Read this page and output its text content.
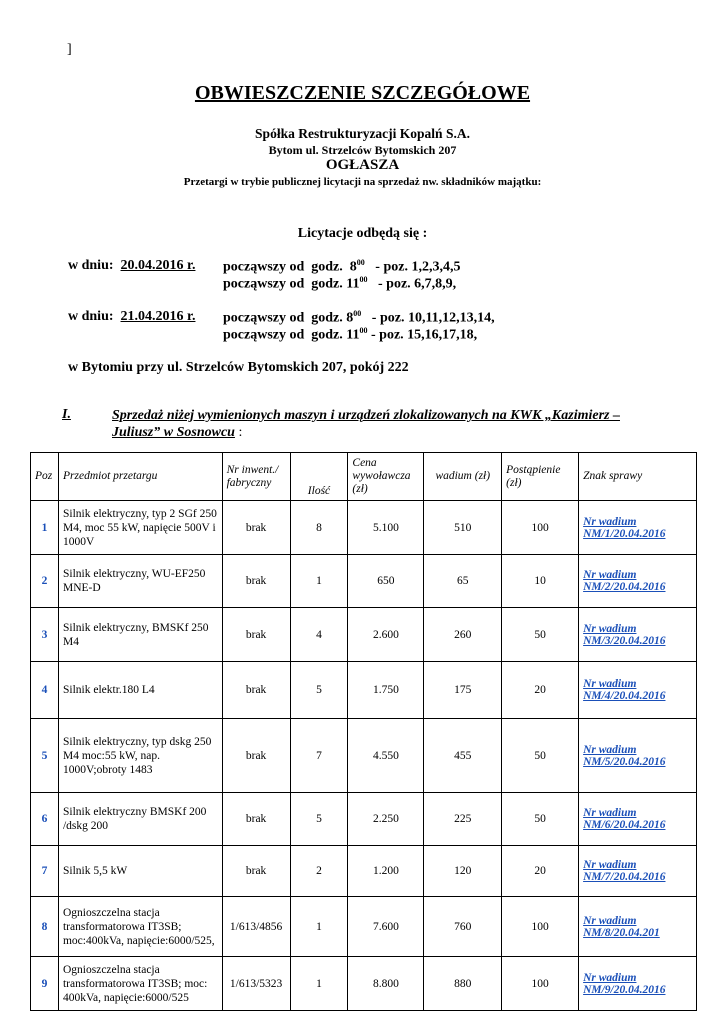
]
OBWIESZCZENIE SZCZEGÓŁOWE
Spółka Restrukturyzacji Kopalń S.A.
Bytom ul. Strzelców Bytomskich 207
OGŁASZA
Przetargi w trybie publicznej licytacji na sprzedaż nw. składników majątku:
Licytacje odbędą się :
w dniu:  20.04.2016 r. począwszy od  godz.  $8^{00}$   - poz. 1,2,3,4,5
począwszy od  godz. $11^{00}$   - poz. 6,7,8,9,
w dniu:  21.04.2016 r. począwszy od  godz. $8^{00}$   - poz. 10,11,12,13,14,
począwszy od  godz. $11^{00}$ - poz. 15,16,17,18,
w Bytomiu przy ul. Strzelców Bytomskich 207, pokój 222
I.	Sprzedaż niżej wymienionych maszyn i urządzeń zlokalizowanych na KWK „Kazimierz – Juliusz” w Sosnowcu :
Poz	Przedmiot przetargu	Nr inwent./ fabryczny	Ilość	Cena wywoławcza (zł)	wadium (zł)	Postąpienie (zł)	Znak sprawy
1	Silnik elektryczny, typ 2 SGf 250 M4, moc 55 kW, napięcie 500V i 1000V	brak	8	5.100	510	100	Nr wadium
NM/1/20.04.2016

2	Silnik elektryczny, WU-EF250 MNE-D	brak	1	650	65	10	Nr wadium
NM/2/20.04.2016

3	Silnik elektryczny, BMSKf 250 M4	brak	4	2.600	260	50	Nr wadium
NM/3/20.04.2016

4	Silnik elektr.180 L4	brak	5	1.750	175	20	Nr wadium
NM/4/20.04.2016

5	Silnik elektryczny, typ dskg 250 M4 moc:55 kW, nap. 1000V;obroty 1483	brak	7	4.550	455	50	Nr wadium
NM/5/20.04.2016

6	Silnik elektryczny BMSKf 200 /dskg 200	brak	5	2.250	225	50	Nr wadium
NM/6/20.04.2016

7	Silnik 5,5 kW	brak	2	1.200	120	20	Nr wadium
NM/7/20.04.2016

8	Ognioszczelna stacja transformatorowa IT3SB; moc:400kVa, napięcie:6000/525,	1/613/4856	1	7.600	760	100	Nr wadium
NM/8/20.04.201

9	Ognioszczelna stacja transformatorowa IT3SB; moc: 400kVa, napięcie:6000/525	1/613/5323	1	8.800	880	100	Nr wadium
NM/9/20.04.2016
